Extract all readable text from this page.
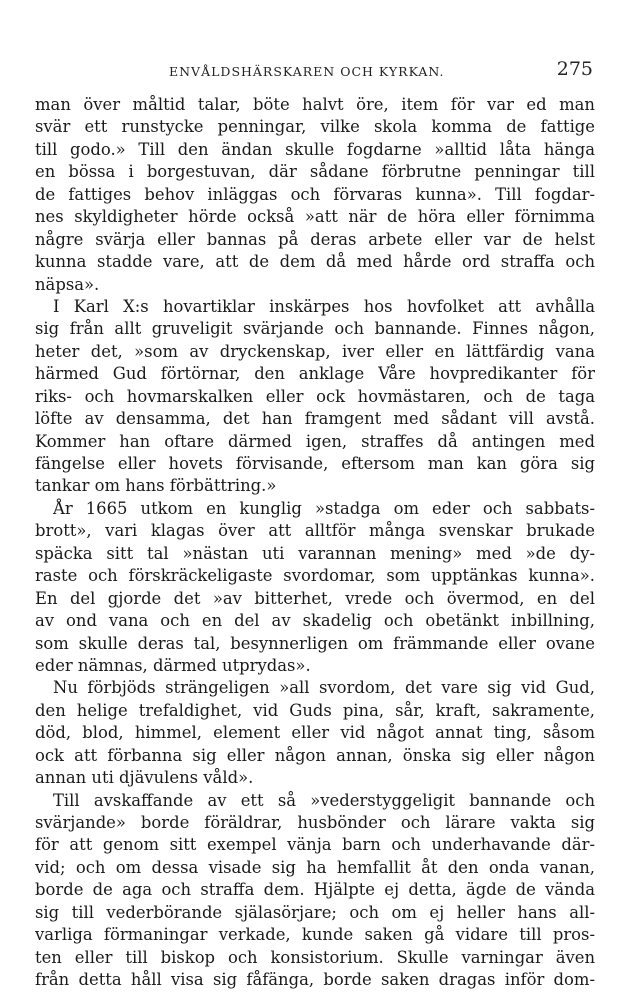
ENVÅLDSHÄRSKAREN OCH KYRKAN.	275
man över måltid talar, böte halvt öre, item för var ed man
svär ett runstycke penningar, vilke skola komma de fattige
till godo.» Till den ändan skulle fogdarne »alltid låta hänga
en bössa i borgestuvan, där sådane förbrutne penningar till
de fattiges behov inläggas och förvaras kunna». Till fogdar-
nes skyldigheter hörde också »att när de höra eller förnimma
någre svärja eller bannas på deras arbete eller var de helst
kunna stadde vare, att de dem då med hårde ord straffa och
näpsa».
I Karl X:s hovartiklar inskärpes hos hovfolket att avhålla
sig från allt gruveligit svärjande och bannande. Finnes någon,
heter det, »som av dryckenskap, iver eller en lättfärdig vana
härmed Gud förtörnar, den anklage Våre hovpredikanter för
riks- och hovmarskalken eller ock hovmästaren, och de taga
löfte av densamma, det han framgent med sådant vill avstå.
Kommer han oftare därmed igen, straffes då antingen med
fängelse eller hovets förvisande, eftersom man kan göra sig
tankar om hans förbättring.»
År 1665 utkom en kunglig »stadga om eder och sabbats-
brott», vari klagas över att alltför många svenskar brukade
späcka sitt tal »nästan uti varannan mening» med »de dy-
raste och förskräckeligaste svordomar, som upptänkas kunna».
En del gjorde det »av bitterhet, vrede och övermod, en del
av ond vana och en del av skadelig och obetänkt inbillning,
som skulle deras tal, besynnerligen om främmande eller ovane
eder nämnas, därmed utprydas».
Nu förbjöds strängeligen »all svordom, det vare sig vid Gud,
den helige trefaldighet, vid Guds pina, sår, kraft, sakramente,
död, blod, himmel, element eller vid något annat ting, såsom
ock att förbanna sig eller någon annan, önska sig eller någon
annan uti djävulens våld».
Till avskaffande av ett så »vederstyggeligit bannande och
svärjande» borde föräldrar, husbönder och lärare vakta sig
för att genom sitt exempel vänja barn och underhavande där-
vid; och om dessa visade sig ha hemfallit åt den onda vanan,
borde de aga och straffa dem. Hjälpte ej detta, ägde de vända
sig till vederbörande själasörjare; och om ej heller hans all-
varliga förmaningar verkade, kunde saken gå vidare till pros-
ten eller till biskop och konsistorium. Skulle varningar även
från detta håll visa sig fåfänga, borde saken dragas inför dom-
